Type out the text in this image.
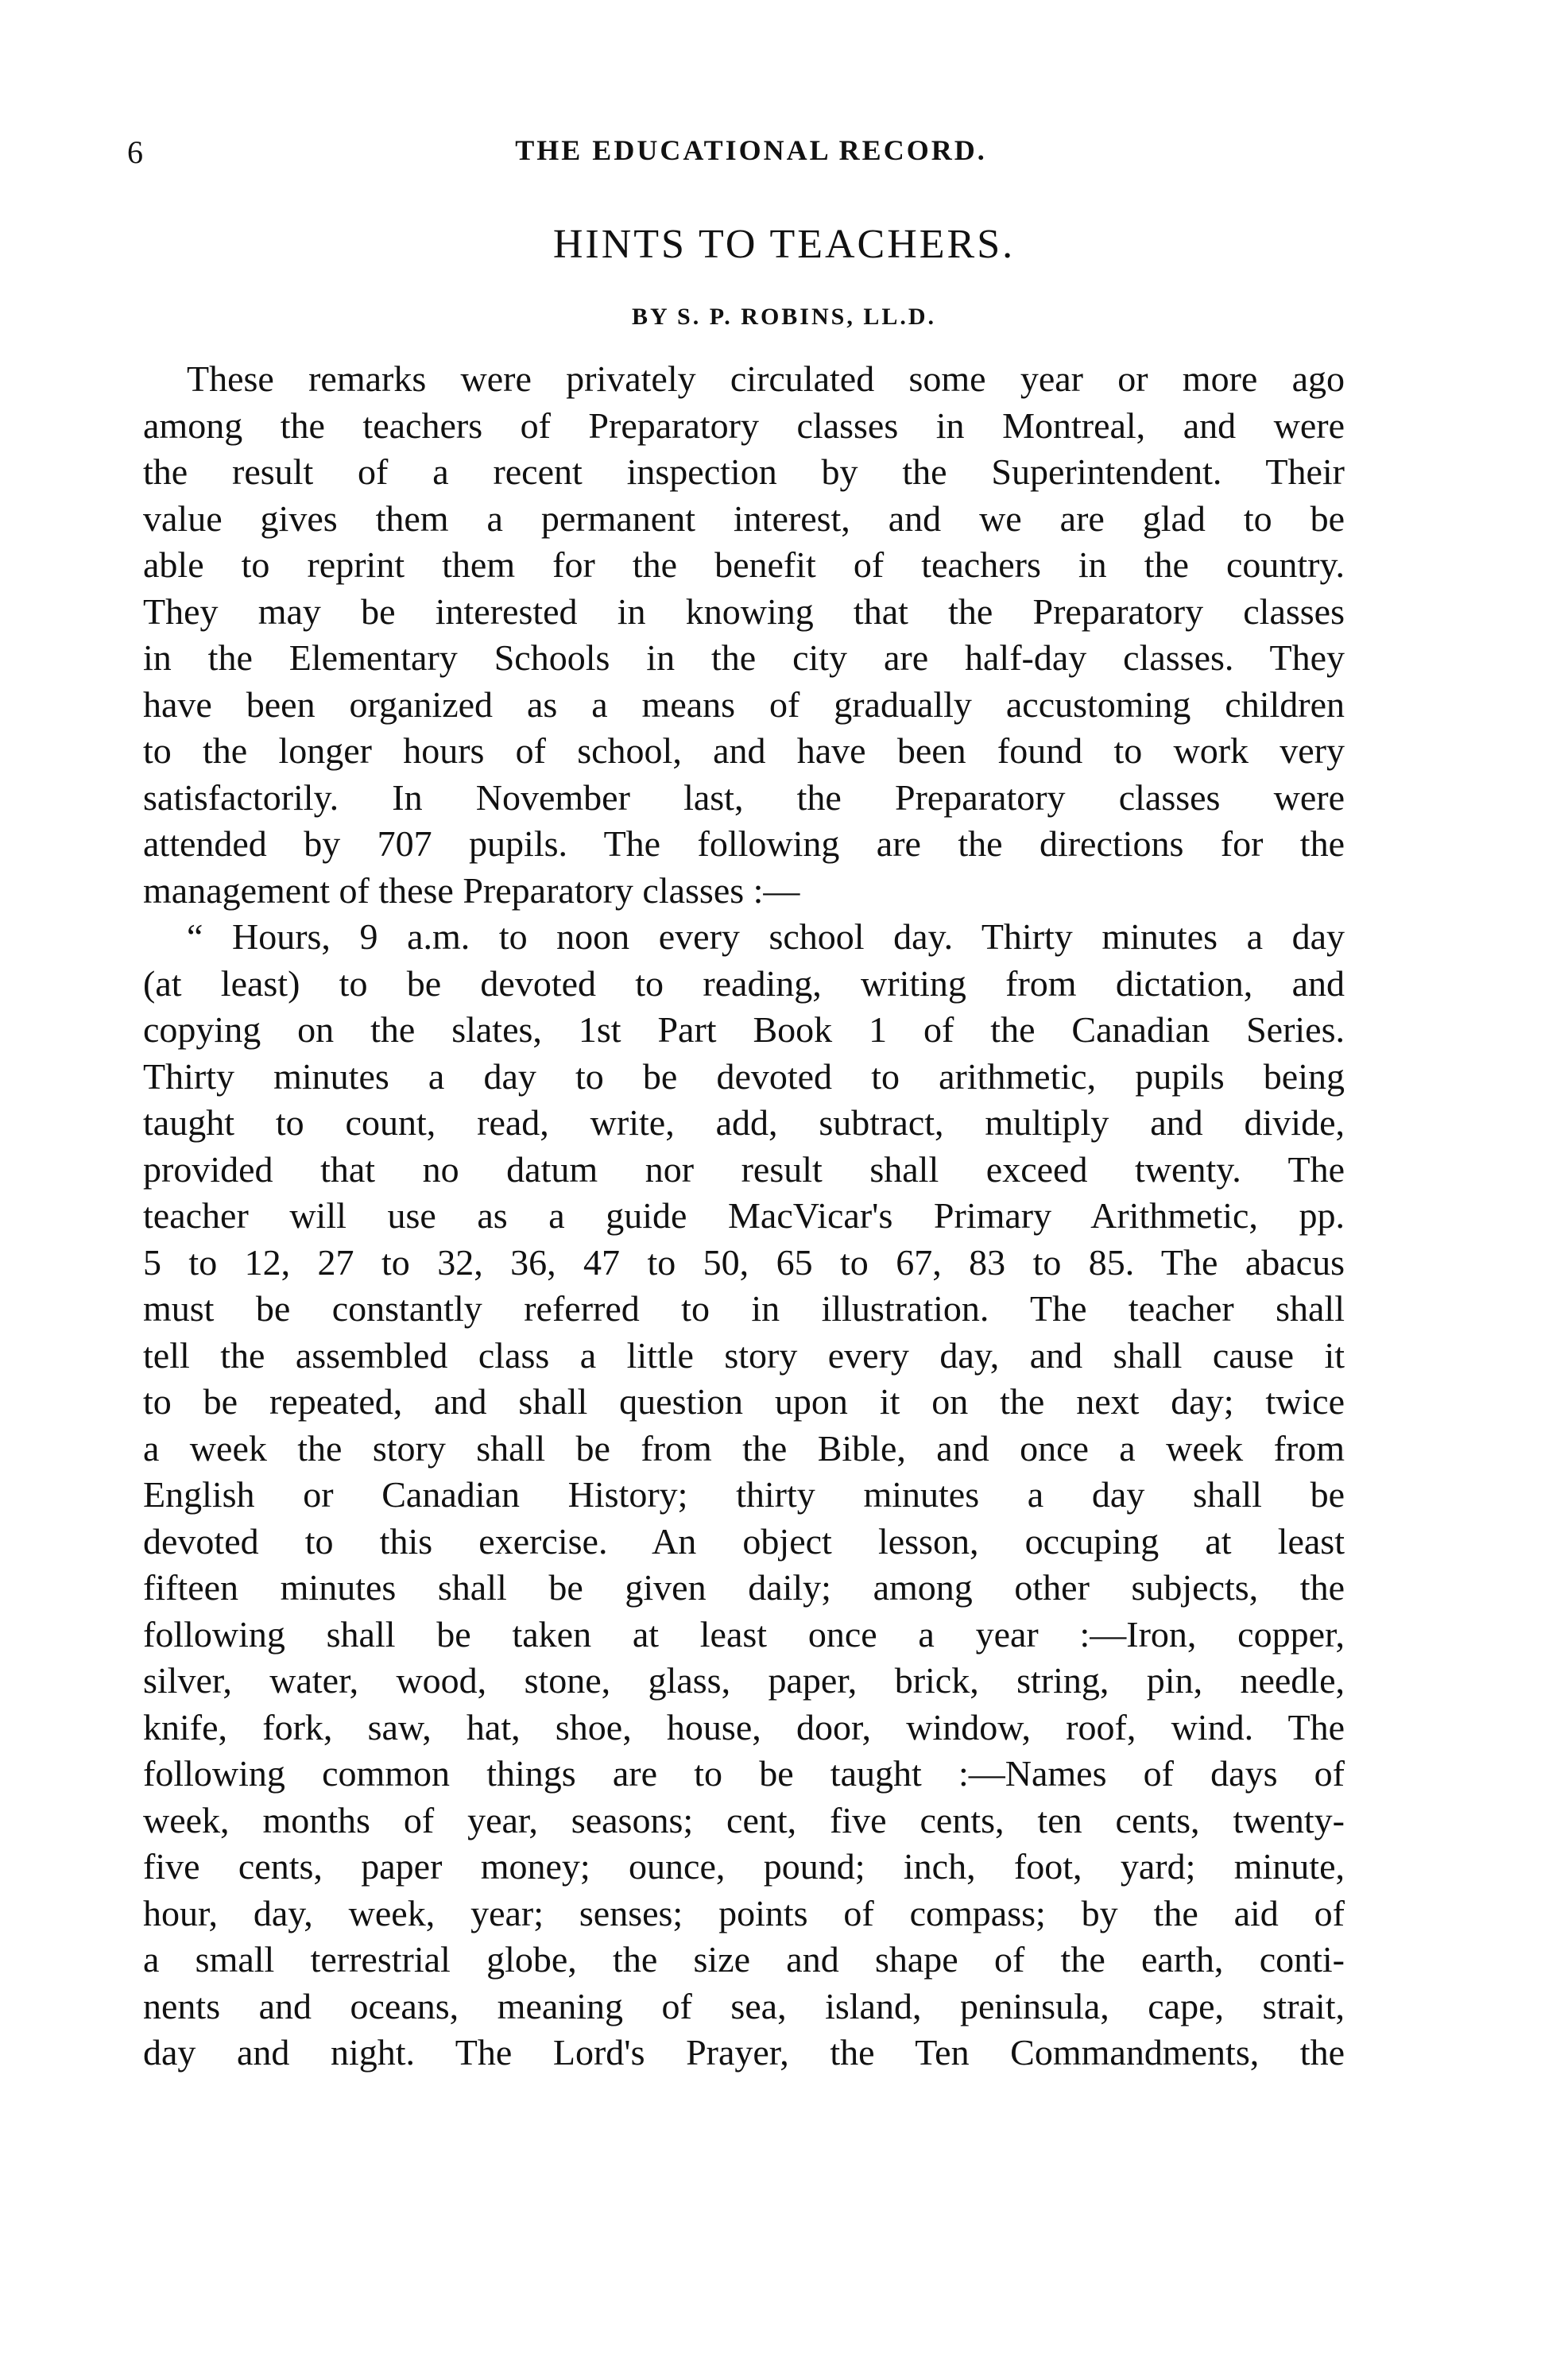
6	THE EDUCATIONAL RECORD.
HINTS TO TEACHERS.
BY S. P. ROBINS, LL.D.
These remarks were privately circulated some year or more ago
among the teachers of Preparatory classes in Montreal, and were
the result of a recent inspection by the Superintendent. Their
value gives them a permanent interest, and we are glad to be
able to reprint them for the benefit of teachers in the country.
They may be interested in knowing that the Preparatory classes
in the Elementary Schools in the city are half-day classes. They
have been organized as a means of gradually accustoming children
to the longer hours of school, and have been found to work very
satisfactorily. In November last, the Preparatory classes were
attended by 707 pupils. The following are the directions for the
management of these Preparatory classes :—
“ Hours, 9 a.m. to noon every school day. Thirty minutes a day
(at least) to be devoted to reading, writing from dictation, and
copying on the slates, 1st Part Book 1 of the Canadian Series.
Thirty minutes a day to be devoted to arithmetic, pupils being
taught to count, read, write, add, subtract, multiply and divide,
provided that no datum nor result shall exceed twenty. The
teacher will use as a guide MacVicar's Primary Arithmetic, pp.
5 to 12, 27 to 32, 36, 47 to 50, 65 to 67, 83 to 85. The abacus
must be constantly referred to in illustration. The teacher shall
tell the assembled class a little story every day, and shall cause it
to be repeated, and shall question upon it on the next day; twice
a week the story shall be from the Bible, and once a week from
English or Canadian History; thirty minutes a day shall be
devoted to this exercise. An object lesson, occuping at least
fifteen minutes shall be given daily; among other subjects, the
following shall be taken at least once a year :—Iron, copper,
silver, water, wood, stone, glass, paper, brick, string, pin, needle,
knife, fork, saw, hat, shoe, house, door, window, roof, wind. The
following common things are to be taught :—Names of days of
week, months of year, seasons; cent, five cents, ten cents, twenty-
five cents, paper money; ounce, pound; inch, foot, yard; minute,
hour, day, week, year; senses; points of compass; by the aid of
a small terrestrial globe, the size and shape of the earth, conti-
nents and oceans, meaning of sea, island, peninsula, cape, strait,
day and night. The Lord's Prayer, the Ten Commandments, the
